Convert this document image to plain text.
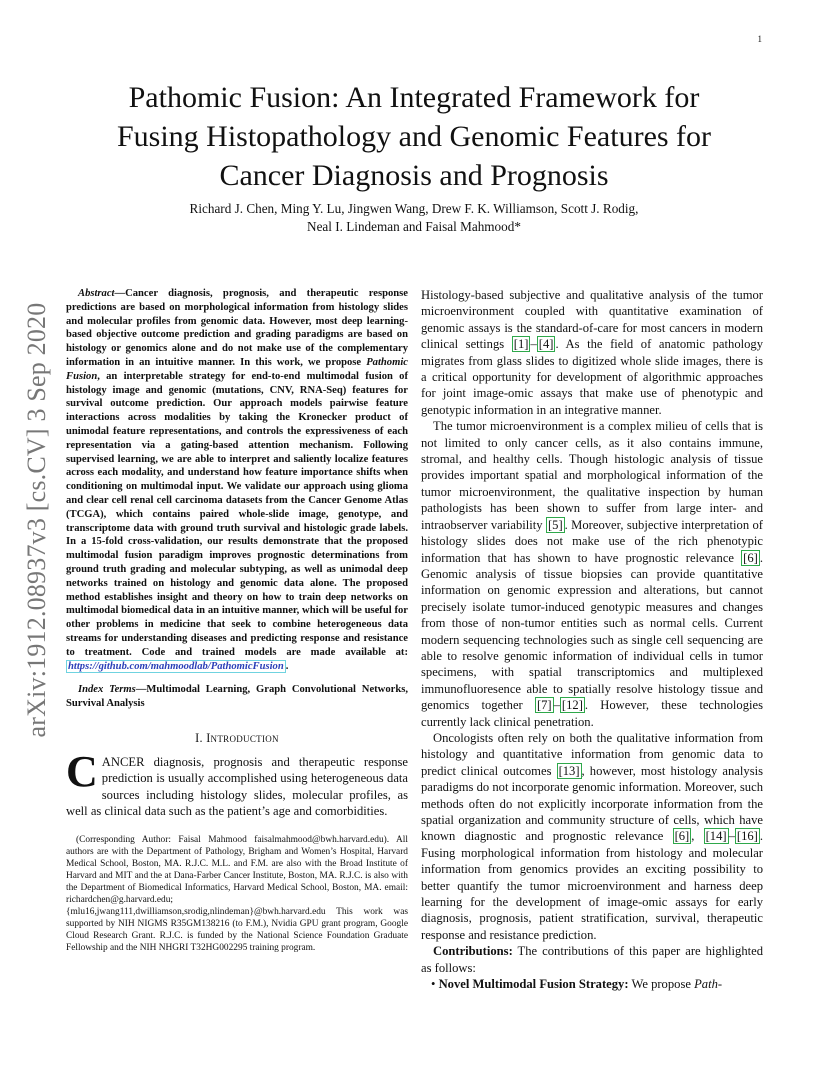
1
arXiv:1912.08937v3 [cs.CV] 3 Sep 2020
Pathomic Fusion: An Integrated Framework for
Fusing Histopathology and Genomic Features for
Cancer Diagnosis and Prognosis
Richard J. Chen, Ming Y. Lu, Jingwen Wang, Drew F. K. Williamson, Scott J. Rodig,
Neal I. Lindeman and Faisal Mahmood*

Abstract—Cancer diagnosis, prognosis, and therapeutic response predictions are based on morphological information from histology slides and molecular profiles from genomic data. However, most deep learning-based objective outcome prediction and grading paradigms are based on histology or genomics alone and do not make use of the complementary information in an intuitive manner. In this work, we propose Pathomic Fusion, an interpretable strategy for end-to-end multimodal fusion of histology image and genomic (mutations, CNV, RNA-Seq) features for survival outcome prediction. Our approach models pairwise feature interactions across modalities by taking the Kronecker product of unimodal feature representations, and controls the expressiveness of each representation via a gating-based attention mechanism. Following supervised learning, we are able to interpret and saliently localize features across each modality, and understand how feature importance shifts when conditioning on multimodal input. We validate our approach using glioma and clear cell renal cell carcinoma datasets from the Cancer Genome Atlas (TCGA), which contains paired whole-slide image, genotype, and transcriptome data with ground truth survival and histologic grade labels. In a 15-fold cross-validation, our results demonstrate that the proposed multimodal fusion paradigm improves prognostic determinations from ground truth grading and molecular subtyping, as well as unimodal deep networks trained on histology and genomic data alone. The proposed method establishes insight and theory on how to train deep networks on multimodal biomedical data in an intuitive manner, which will be useful for other problems in medicine that seek to combine heterogeneous data streams for understanding diseases and predicting response and resistance to treatment. Code and trained models are made available at: https://github.com/mahmoodlab/PathomicFusion .

Index Terms—Multimodal Learning, Graph Convolutional Networks, Survival Analysis

I. Introduction

CANCER diagnosis, prognosis and therapeutic response prediction is usually accomplished using heterogeneous data sources including histology slides, molecular profiles, as well as clinical data such as the patient’s age and comorbidities.

(Corresponding Author: Faisal Mahmood faisalmahmood@bwh.harvard.edu). All authors are with the Department of Pathology, Brigham and Women’s Hospital, Harvard Medical School, Boston, MA. R.J.C. M.L. and F.M. are also with the Broad Institute of Harvard and MIT and the at Dana-Farber Cancer Institute, Boston, MA. R.J.C. is also with the Department of Biomedical Informatics, Harvard Medical School, Boston, MA. email: richardchen@g.harvard.edu; {mlu16,jwang111,dwilliamson,srodig,nlindeman}@bwh.harvard.edu This work was supported by NIH NIGMS R35GM138216 (to F.M.), Nvidia GPU grant program, Google Cloud Research Grant. R.J.C. is funded by the National Science Foundation Graduate Fellowship and the NIH NHGRI T32HG002295 training program.

Histology-based subjective and qualitative analysis of the tumor microenvironment coupled with quantitative examination of genomic assays is the standard-of-care for most cancers in modern clinical settings [1] – [4] . As the field of anatomic pathology migrates from glass slides to digitized whole slide images, there is a critical opportunity for development of algorithmic approaches for joint image-omic assays that make use of phenotypic and genotypic information in an integrative manner.

The tumor microenvironment is a complex milieu of cells that is not limited to only cancer cells, as it also contains immune, stromal, and healthy cells. Though histologic analysis of tissue provides important spatial and morphological information of the tumor microenvironment, the qualitative inspection by human pathologists has been shown to suffer from large inter- and intraobserver variability [5] . Moreover, subjective interpretation of histology slides does not make use of the rich phenotypic information that has shown to have prognostic relevance [6] . Genomic analysis of tissue biopsies can provide quantitative information on genomic expression and alterations, but cannot precisely isolate tumor-induced genotypic measures and changes from those of non-tumor entities such as normal cells. Current modern sequencing technologies such as single cell sequencing are able to resolve genomic information of individual cells in tumor specimens, with spatial transcriptomics and multiplexed immunofluoresence able to spatially resolve histology tissue and genomics together [7] – [12] . However, these technologies currently lack clinical penetration.

Oncologists often rely on both the qualitative information from histology and quantitative information from genomic data to predict clinical outcomes [13] , however, most histology analysis paradigms do not incorporate genomic information. Moreover, such methods often do not explicitly incorporate information from the spatial organization and community structure of cells, which have known diagnostic and prognostic relevance [6] , [14] – [16] . Fusing morphological information from histology and molecular information from genomics provides an exciting possibility to better quantify the tumor microenvironment and harness deep learning for the development of image-omic assays for early diagnosis, prognosis, patient stratification, survival, therapeutic response and resistance prediction.

Contributions: The contributions of this paper are highlighted as follows:

• Novel Multimodal Fusion Strategy: We propose Path-
